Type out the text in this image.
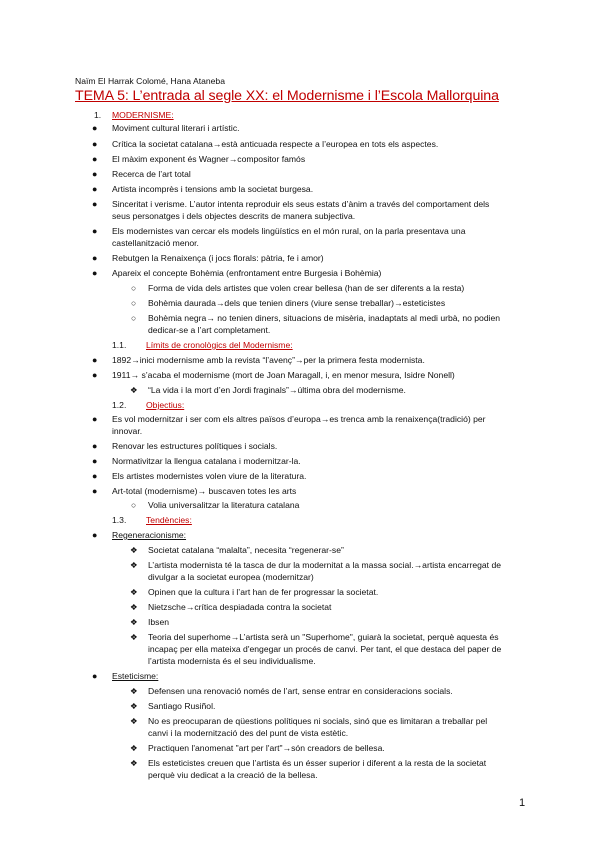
Naïm El Harrak Colomé, Hana Ataneba
TEMA 5: L’entrada al segle XX: el Modernisme i l’Escola Mallorquina
1. MODERNISME:
● Moviment cultural literari i artístic.
● Crítica la societat catalana→està anticuada respecte a l’europea en tots els aspectes.
● El màxim exponent és Wagner→compositor famós
● Recerca de l’art total
● Artista incomprès i tensions amb la societat burgesa.
● Sinceritat i verisme. L’autor intenta reproduir els seus estats d’ànim a través del comportament dels
seus personatges i dels objectes descrits de manera subjectiva.
● Els modernistes van cercar els models lingüístics en el món rural, on la parla presentava una
castellanització menor.
● Rebutgen la Renaixença (i jocs florals: pàtria, fe i amor)
● Apareix el concepte Bohèmia (enfrontament entre Burgesia i Bohèmia)
○ Forma de vida dels artistes que volen crear bellesa (han de ser diferents a la resta)
○ Bohèmia daurada→dels que tenien diners (viure sense treballar)→esteticistes
○ Bohèmia negra→ no tenien diners, situacions de misèria, inadaptats al medi urbà, no podien
dedicar-se a l’art completament.
1.1. Límits de cronològics del Modernisme:
● 1892→inici modernisme amb la revista “l’avenç”→per la primera festa modernista.
● 1911→ s’acaba el modernisme (mort de Joan Maragall, i, en menor mesura, Isidre Nonell)
❖ “La vida i la mort d’en Jordi fraginals”→última obra del modernisme.
1.2. Objectius:
● Es vol modernitzar i ser com els altres països d’europa→es trenca amb la renaixença(tradició) per
innovar.
● Renovar les estructures polítiques i socials.
● Normativitzar la llengua catalana i modernitzar-la.
● Els artistes modernistes volen viure de la literatura.
● Art-total (modernisme)→ buscaven totes les arts
○ Volia universalitzar la literatura catalana
1.3. Tendències:
● Regeneracionisme:
❖ Societat catalana “malalta”, necesita “regenerar-se”
❖ L’artista modernista té la tasca de dur la modernitat a la massa social.→artista encarregat de
divulgar a la societat europea (modernitzar)
❖ Opinen que la cultura i l’art han de fer progressar la societat.
❖ Nietzsche→crítica despiadada contra la societat
❖ Ibsen
❖ Teoria del superhome→L’artista serà un "Superhome", guiarà la societat, perquè aquesta és
incapaç per ella mateixa d'engegar un procés de canvi. Per tant, el que destaca del paper de
l’artista modernista és el seu individualisme.
● Esteticisme:
❖ Defensen una renovació només de l’art, sense entrar en consideracions socials.
❖ Santiago Rusiñol.
❖ No es preocuparan de qüestions polítiques ni socials, sinó que es limitaran a treballar pel
canvi i la modernització des del punt de vista estètic.
❖ Practiquen l'anomenat "art per l'art"→són creadors de bellesa.
❖ Els esteticistes creuen que l’artista és un ésser superior i diferent a la resta de la societat
perquè viu dedicat a la creació de la bellesa.
1
